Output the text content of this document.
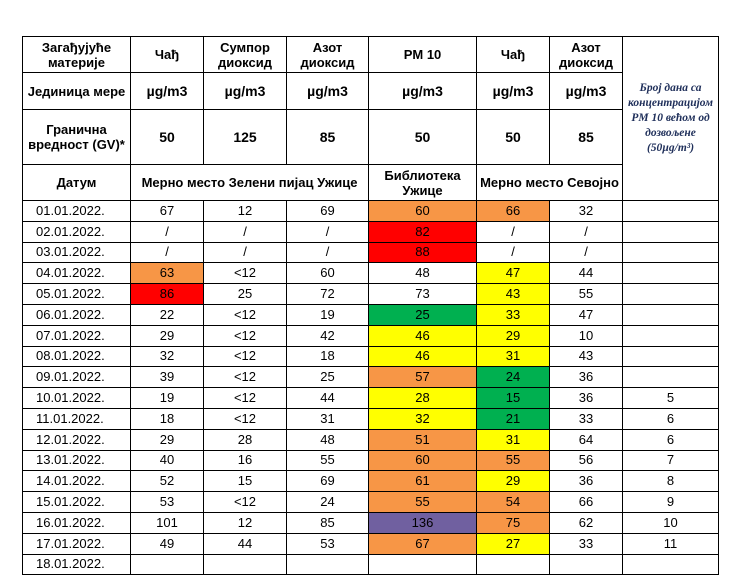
Загађујуће материје	Чађ	Сумпор диоксид	Азот диоксид	PM 10	Чађ	Азот диоксид	Број дана са концентрацијом PM 10 већом од дозвољене (50µg/m³)
Јединица мере	µg/m3	µg/m3	µg/m3	µg/m3	µg/m3	µg/m3	
Гранична вредност (GV)*	50	125	85	50	50	85	
Датум	Мерно место Зелени пијац Ужице			Библиотека Ужице	Мерно место Севојно		
01.01.2022.	67	12	69	60	66	32	
02.01.2022.	/	/	/	82	/	/	
03.01.2022.	/	/	/	88	/	/	
04.01.2022.	63	<12	60	48	47	44	
05.01.2022.	86	25	72	73	43	55	
06.01.2022.	22	<12	19	25	33	47	
07.01.2022.	29	<12	42	46	29	10	
08.01.2022.	32	<12	18	46	31	43	
09.01.2022.	39	<12	25	57	24	36	
10.01.2022.	19	<12	44	28	15	36	5
11.01.2022.	18	<12	31	32	21	33	6
12.01.2022.	29	28	48	51	31	64	6
13.01.2022.	40	16	55	60	55	56	7
14.01.2022.	52	15	69	61	29	36	8
15.01.2022.	53	<12	24	55	54	66	9
16.01.2022.	101	12	85	136	75	62	10
17.01.2022.	49	44	53	67	27	33	11
18.01.2022.							
